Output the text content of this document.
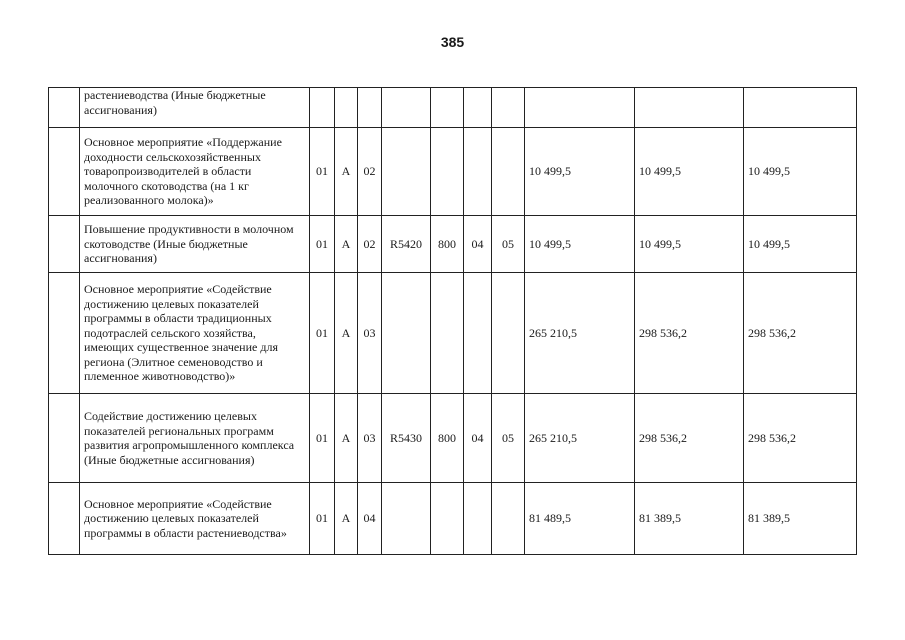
385
	растениеводства (Иные бюджетные ассигнования)										
	Основное мероприятие «Поддержание доходности сельскохозяйственных товаропроизводителей в области молочного скотоводства (на 1 кг реализованного молока)»	01	А	02					10 499,5	10 499,5	10 499,5
	Повышение продуктивности в молочном скотоводстве (Иные бюджетные ассигнования)	01	А	02	R5420	800	04	05	10 499,5	10 499,5	10 499,5
	Основное мероприятие «Содействие достижению целевых показателей программы в области традиционных подотраслей сельского хозяйства, имеющих существенное значение для региона (Элитное семеноводство и племенное животноводство)»	01	А	03					265 210,5	298 536,2	298 536,2
	Содействие достижению целевых показателей региональных программ развития агропромышленного комплекса (Иные бюджетные ассигнования)	01	А	03	R5430	800	04	05	265 210,5	298 536,2	298 536,2
	Основное мероприятие «Содействие достижению целевых показателей программы в области растениеводства»	01	А	04					81 489,5	81 389,5	81 389,5
